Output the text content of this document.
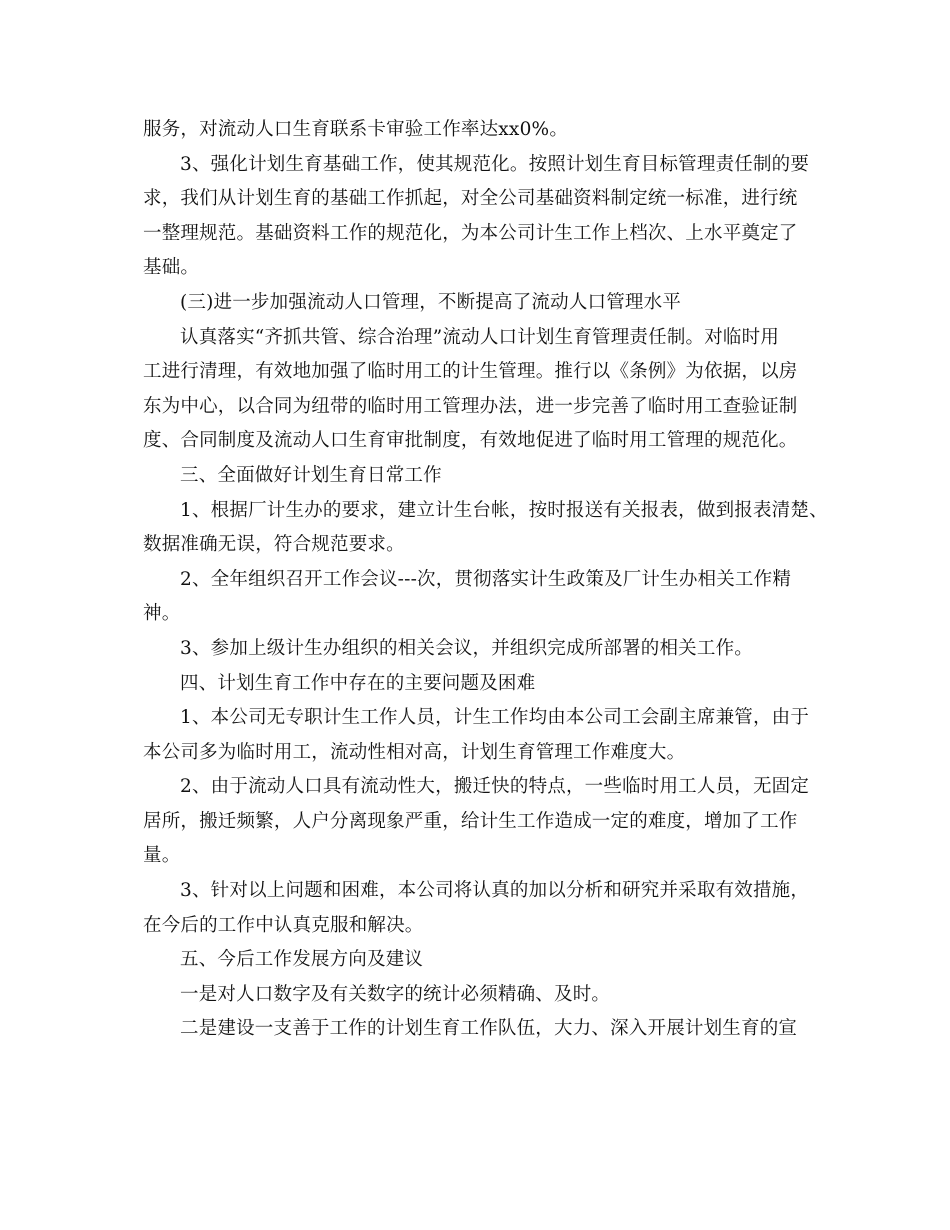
服务，对流动人口生育联系卡审验工作率达xx0%。
3、强化计划生育基础工作，使其规范化。按照计划生育目标管理责任制的要
求，我们从计划生育的基础工作抓起，对全公司基础资料制定统一标准，进行统
一整理规范。基础资料工作的规范化，为本公司计生工作上档次、上水平奠定了
基础。
(三)进一步加强流动人口管理，不断提高了流动人口管理水平
认真落实“齐抓共管、综合治理”流动人口计划生育管理责任制。对临时用
工进行清理，有效地加强了临时用工的计生管理。推行以《条例》为依据，以房
东为中心，以合同为纽带的临时用工管理办法，进一步完善了临时用工查验证制
度、合同制度及流动人口生育审批制度，有效地促进了临时用工管理的规范化。
三、全面做好计划生育日常工作
1、根据厂计生办的要求，建立计生台帐，按时报送有关报表，做到报表清楚、
数据准确无误，符合规范要求。
2、全年组织召开工作会议---次，贯彻落实计生政策及厂计生办相关工作精
神。
3、参加上级计生办组织的相关会议，并组织完成所部署的相关工作。
四、计划生育工作中存在的主要问题及困难
1、本公司无专职计生工作人员，计生工作均由本公司工会副主席兼管，由于
本公司多为临时用工，流动性相对高，计划生育管理工作难度大。
2、由于流动人口具有流动性大，搬迁快的特点，一些临时用工人员，无固定
居所，搬迁频繁，人户分离现象严重，给计生工作造成一定的难度，增加了工作
量。
3、针对以上问题和困难，本公司将认真的加以分析和研究并采取有效措施，
在今后的工作中认真克服和解决。
五、今后工作发展方向及建议
一是对人口数字及有关数字的统计必须精确、及时。
二是建设一支善于工作的计划生育工作队伍，大力、深入开展计划生育的宣
